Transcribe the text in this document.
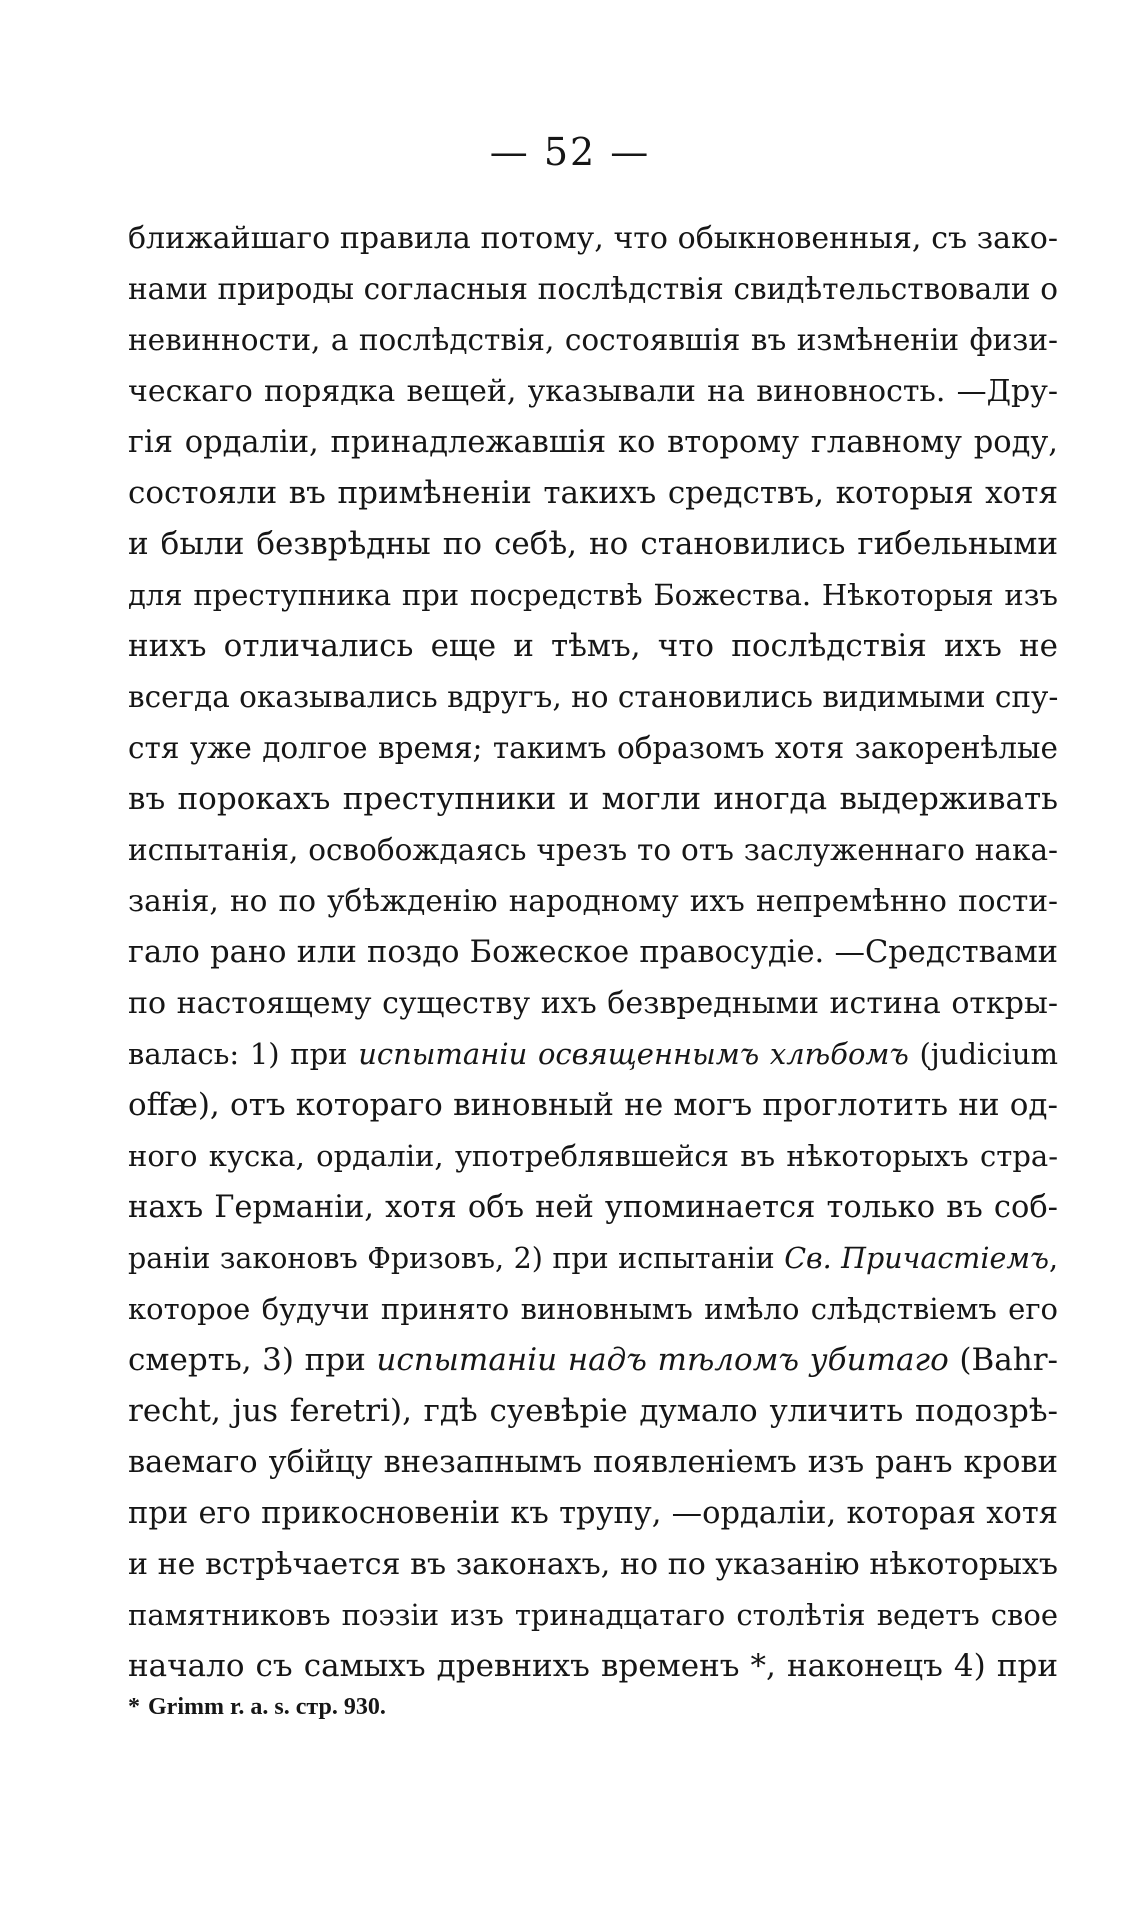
— 52 —
ближайшаго правила потому, что обыкновенныя, съ зако-
нами природы согласныя послѣдствія свидѣтельствовали о
невинности, а послѣдствія, состоявшія въ измѣненіи физи-
ческаго порядка вещей, указывали на виновность. —Дру-
гія ордаліи, принадлежавшія ко второму главному роду,
состояли въ примѣненіи такихъ средствъ, которыя хотя
и были безврѣдны по себѣ, но становились гибельными
для преступника при посредствѣ Божества. Нѣкоторыя изъ
нихъ отличались еще и тѣмъ, что послѣдствія ихъ не
всегда оказывались вдругъ, но становились видимыми спу-
стя уже долгое время; такимъ образомъ хотя закоренѣлые
въ порокахъ преступники и могли иногда выдерживать
испытанія, освобождаясь чрезъ то отъ заслуженнаго нака-
занія, но по убѣжденію народному ихъ непремѣнно пости-
гало рано или поздо Божеское правосудіе. —Средствами
по настоящему существу ихъ безвредными истина откры-
валась: 1) при испытаніи освященнымъ хлѣбомъ (judicium
offæ), отъ котораго виновный не могъ проглотить ни од-
ного куска, ордаліи, употреблявшейся въ нѣкоторыхъ стра-
нахъ Германіи, хотя объ ней упоминается только въ соб-
раніи законовъ Фризовъ, 2) при испытаніи Св. Причастіемъ,
которое будучи принято виновнымъ имѣло слѣдствіемъ его
смерть, 3) при испытаніи надъ тѣломъ убитаго (Bahr-
recht, jus feretri), гдѣ суевѣріе думало уличить подозрѣ-
ваемаго убійцу внезапнымъ появленіемъ изъ ранъ крови
при его прикосновеніи къ трупу, —ордаліи, которая хотя
и не встрѣчается въ законахъ, но по указанію нѣкоторыхъ
памятниковъ поэзіи изъ тринадцатаго столѣтія ведетъ свое
начало съ самыхъ древнихъ временъ *, наконецъ 4) при
* Grimm r. a. s. стр. 930.
